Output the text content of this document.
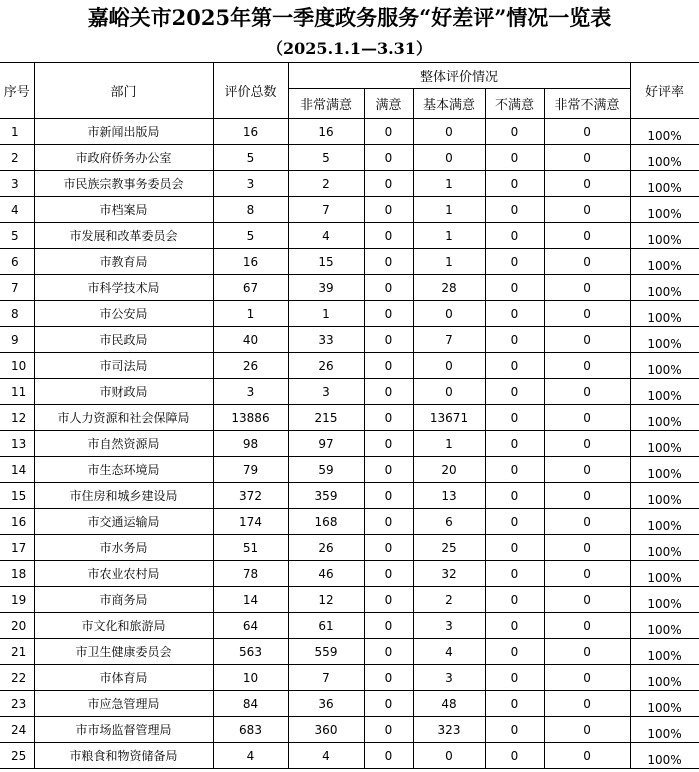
嘉峪关市2025年第一季度政务服务“好差评”情况一览表
（2025.1.1—3.31）
序号	部门	评价总数	整体评价情况					好评率
			非常满意	满意	基本满意	不满意	非常不满意	
1	市新闻出版局	16	16	0	0	0	0	100%
2	市政府侨务办公室	5	5	0	0	0	0	100%
3	市民族宗教事务委员会	3	2	0	1	0	0	100%
4	市档案局	8	7	0	1	0	0	100%
5	市发展和改革委员会	5	4	0	1	0	0	100%
6	市教育局	16	15	0	1	0	0	100%
7	市科学技术局	67	39	0	28	0	0	100%
8	市公安局	1	1	0	0	0	0	100%
9	市民政局	40	33	0	7	0	0	100%
10	市司法局	26	26	0	0	0	0	100%
11	市财政局	3	3	0	0	0	0	100%
12	市人力资源和社会保障局	13886	215	0	13671	0	0	100%
13	市自然资源局	98	97	0	1	0	0	100%
14	市生态环境局	79	59	0	20	0	0	100%
15	市住房和城乡建设局	372	359	0	13	0	0	100%
16	市交通运输局	174	168	0	6	0	0	100%
17	市水务局	51	26	0	25	0	0	100%
18	市农业农村局	78	46	0	32	0	0	100%
19	市商务局	14	12	0	2	0	0	100%
20	市文化和旅游局	64	61	0	3	0	0	100%
21	市卫生健康委员会	563	559	0	4	0	0	100%
22	市体育局	10	7	0	3	0	0	100%
23	市应急管理局	84	36	0	48	0	0	100%
24	市市场监督管理局	683	360	0	323	0	0	100%
25	市粮食和物资储备局	4	4	0	0	0	0	100%
